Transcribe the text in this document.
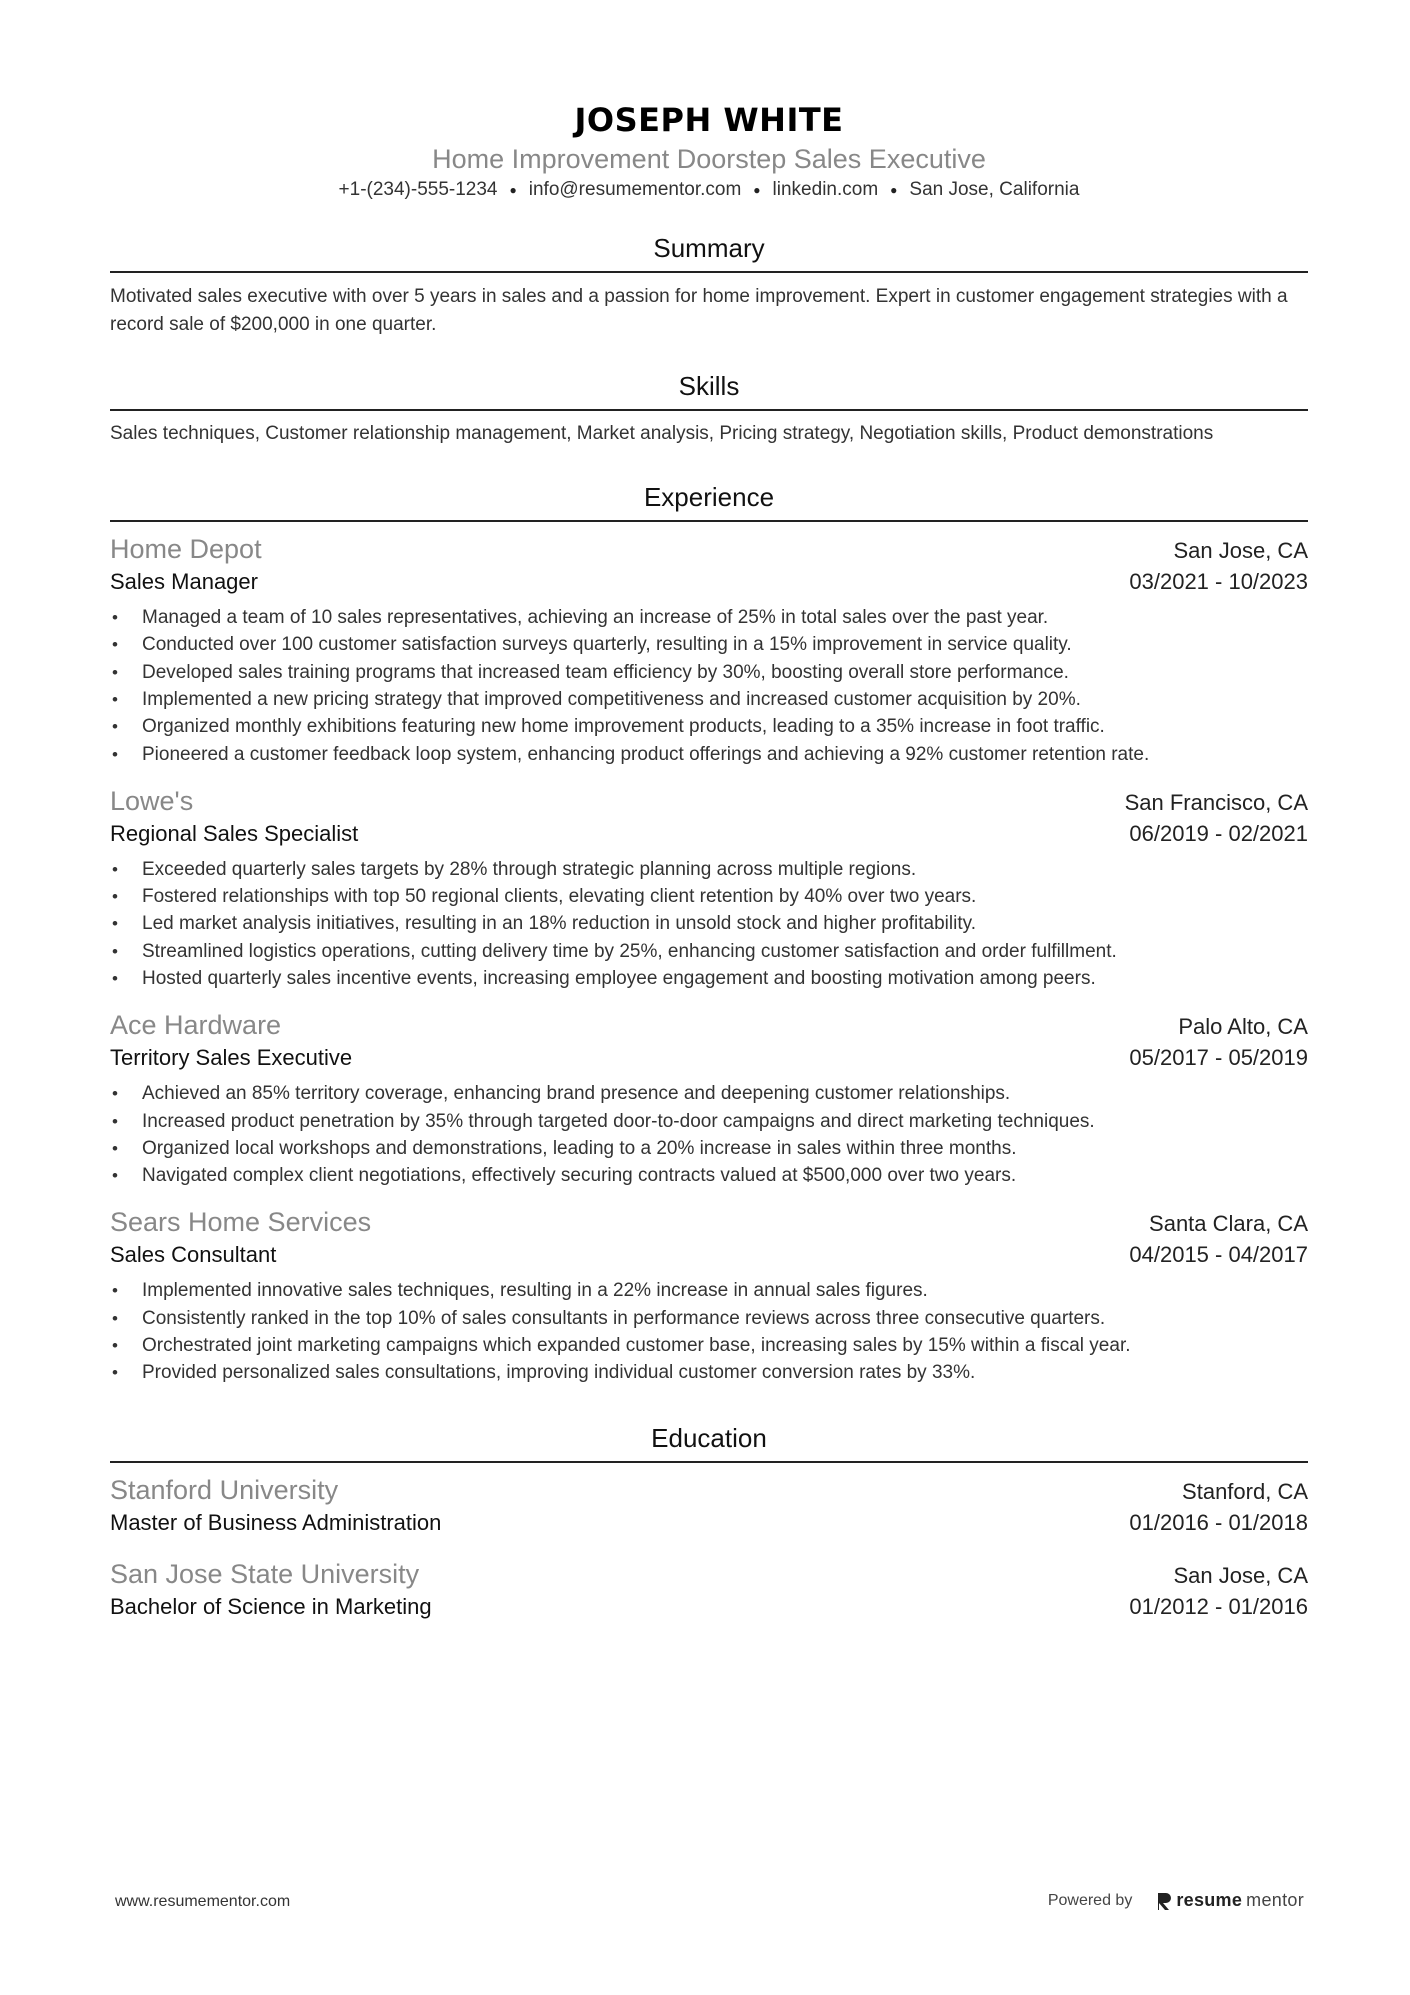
JOSEPH WHITE
Home Improvement Doorstep Sales Executive
+1-(234)-555-1234 ● info@resumementor.com ● linkedin.com ● San Jose, California
Summary
Motivated sales executive with over 5 years in sales and a passion for home improvement. Expert in customer engagement strategies with a record sale of $200,000 in one quarter.
Skills
Sales techniques, Customer relationship management, Market analysis, Pricing strategy, Negotiation skills, Product demonstrations
Experience
Home Depot	San Jose, CA
Sales Manager	03/2021 - 10/2023
• Managed a team of 10 sales representatives, achieving an increase of 25% in total sales over the past year.
• Conducted over 100 customer satisfaction surveys quarterly, resulting in a 15% improvement in service quality.
• Developed sales training programs that increased team efficiency by 30%, boosting overall store performance.
• Implemented a new pricing strategy that improved competitiveness and increased customer acquisition by 20%.
• Organized monthly exhibitions featuring new home improvement products, leading to a 35% increase in foot traffic.
• Pioneered a customer feedback loop system, enhancing product offerings and achieving a 92% customer retention rate.
Lowe's	San Francisco, CA
Regional Sales Specialist	06/2019 - 02/2021
• Exceeded quarterly sales targets by 28% through strategic planning across multiple regions.
• Fostered relationships with top 50 regional clients, elevating client retention by 40% over two years.
• Led market analysis initiatives, resulting in an 18% reduction in unsold stock and higher profitability.
• Streamlined logistics operations, cutting delivery time by 25%, enhancing customer satisfaction and order fulfillment.
• Hosted quarterly sales incentive events, increasing employee engagement and boosting motivation among peers.
Ace Hardware	Palo Alto, CA
Territory Sales Executive	05/2017 - 05/2019
• Achieved an 85% territory coverage, enhancing brand presence and deepening customer relationships.
• Increased product penetration by 35% through targeted door-to-door campaigns and direct marketing techniques.
• Organized local workshops and demonstrations, leading to a 20% increase in sales within three months.
• Navigated complex client negotiations, effectively securing contracts valued at $500,000 over two years.
Sears Home Services	Santa Clara, CA
Sales Consultant	04/2015 - 04/2017
• Implemented innovative sales techniques, resulting in a 22% increase in annual sales figures.
• Consistently ranked in the top 10% of sales consultants in performance reviews across three consecutive quarters.
• Orchestrated joint marketing campaigns which expanded customer base, increasing sales by 15% within a fiscal year.
• Provided personalized sales consultations, improving individual customer conversion rates by 33%.
Education
Stanford University	Stanford, CA
Master of Business Administration	01/2016 - 01/2018
San Jose State University	San Jose, CA
Bachelor of Science in Marketing	01/2012 - 01/2016
www.resumementor.com	Powered by resume mentor
